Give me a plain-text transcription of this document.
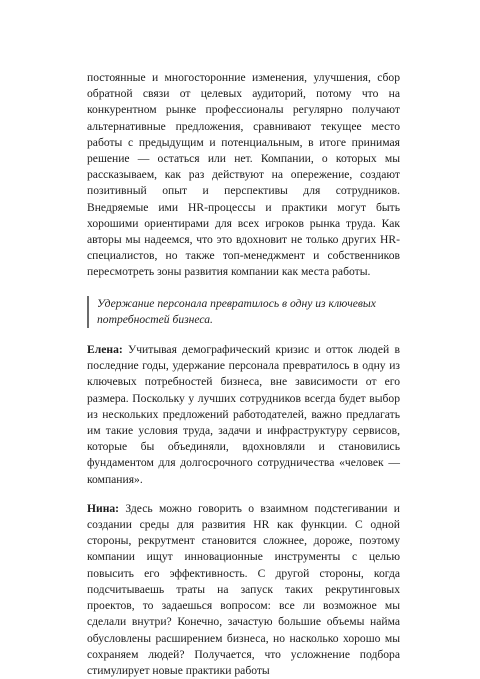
постоянные и многосторонние изменения, улучшения, сбор обратной связи от целевых аудиторий, потому что на конкурентном рынке профессионалы регулярно получают альтернативные предложения, сравнивают текущее место работы с предыдущим и потенциальным, в итоге принимая решение — остаться или нет. Компании, о которых мы рассказываем, как раз действуют на опережение, создают позитивный опыт и перспективы для сотрудников. Внедряемые ими HR-процессы и практики могут быть хорошими ориентирами для всех игроков рынка труда. Как авторы мы надеемся, что это вдохновит не только других HR-специалистов, но также топ-менеджмент и собственников пересмотреть зоны развития компании как места работы.

Удержание персонала превратилось в одну из ключевых потребностей бизнеса.

Елена: Учитывая демографический кризис и отток людей в последние годы, удержание персонала превратилось в одну из ключевых потребностей бизнеса, вне зависимости от его размера. Поскольку у лучших сотрудников всегда будет выбор из нескольких предложений работодателей, важно предлагать им такие условия труда, задачи и инфраструктуру сервисов, которые бы объединяли, вдохновляли и становились фундаментом для долгосрочного сотрудничества «человек — компания».

Нина: Здесь можно говорить о взаимном подстегивании и создании среды для развития HR как функции. С одной стороны, рекрутмент становится сложнее, дороже, поэтому компании ищут инновационные инструменты с целью повысить его эффективность. С другой стороны, когда подсчитываешь траты на запуск таких рекрутинговых проектов, то задаешься вопросом: все ли возможное мы сделали внутри? Конечно, зачастую большие объемы найма обусловлены расширением бизнеса, но насколько хорошо мы сохраняем людей? Получается, что усложнение подбора стимулирует новые практики работы
